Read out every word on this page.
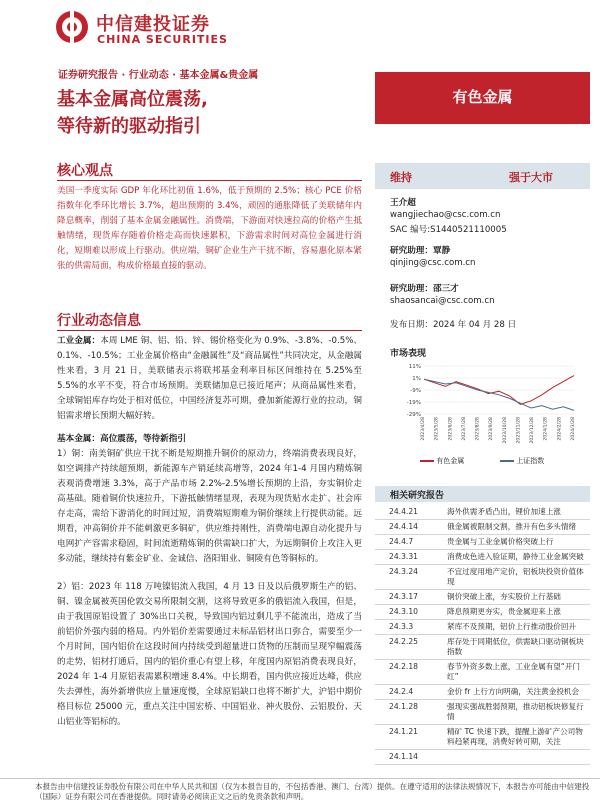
中信建投证券
CHINA SECURITIES
证券研究报告 · 行业动态 · 基本金属&贵金属
基本金属高位震荡,
等待新的驱动指引
有色金属
核心观点
美国一季度实际 GDP 年化环比初值 1.6%，低于预期的 2.5%；核心 PCE 价格指数年化季环比增长 3.7%，超出预期的 3.4%，顽固的通胀降低了美联储年内降息概率，削弱了基本金属金融属性。消费端，下游面对快速拉高的价格产生抵触情绪，现货库存随着价格走高而快速累积，下游需求时间对高位金属进行消化，短期难以形成上行驱动。供应端，铜矿企业生产干扰不断，容易惠化原本紧张的供需局面，构成价格最直接的驱动。
行业动态信息
工业金属：本周 LME 铜、铝、铅、锌、锡价格变化为 0.9%、-3.8%、-0.5%、0.1%、-10.5%；工业金属价格由“金融属性”及“商品属性”共同决定，从金融属性来看，3 月 21 日，美联储表示将联邦基金利率目标区间维持在 5.25%至 5.5%的水平不变，符合市场预期。美联储加息已接近尾声；从商品属性来看，全球铜铝库存均处于相对低位，中国经济复苏可期，叠加新能源行业的拉动，铜铝需求增长预期大幅好转。
基本金属：高位震荡，等待新指引
1）铜：南美铜矿供应干扰不断是短期推升铜价的原动力，终端消费表现良好，如空调排产持续超预期，新能源车产销延续高增等，2024 年1-4 月国内精炼铜表观消费增速 3.3%，高于产品市场 2.2%-2.5%增长预期的上沿，夯实铜价走高基础。随着铜价快速拉升，下游抵触情绪显现，表现为现货贴水走扩、社会库存走高，需给下游消化的时间过短，消费端短期难为铜价继续上行提供动能。远期看，冲高铜价并不能刺激更多铜矿，供应维持刚性，消费端电源自动化提升与电网扩产容需求稳固，时间流逝精炼铜的供需缺口扩大，为远期铜价上攻注入更多动能，继续持有紫金矿业、金诚信、洛阳钼业、铜陵有色等铜标的。
2）铝：2023 年 118 万吨镍铝流入我国，4 月 13 日及以后俄罗斯生产的铝、铜、镍金属被英国伦敦交易所限制交割，这将导致更多的俄铝流入我国，但是，由于我国原铝设置了 30%出口关税，导致国内铝过剩几乎不能流出，造成了当前铝价外强内弱的格局。内外铝价差需要通过未标品铝材出口弥合，需要至少一个月时间，国内铝价在这段时间内持续受到超量进口货物的压制而呈现窄幅震荡的走势，铝材打通后，国内的铝价重心有望上移，年度国内原铝消费表现良好，2024 年 1-4 月原铝表需累积增速 8.4%。中长期看，国内供应接近达峰，供应失去弹性，海外新增供应上量速度慢，全球原铝缺口也将不断扩大，沪铝中期价格目标位 25000 元，重点关注中国宏桥、中国铝业、神火股份、云铝股份、天山铝业等铝标的。
维持	强于大市
王介超
wangjiechao@csc.com.cn
SAC 编号:S1440521110005
研究助理：覃静
qinjing@csc.com.cn
研究助理：邵三才
shaosancai@csc.com.cn
发布日期：2024 年 04 月 28 日
市场表现
11%
1%
-9%
-19%
-29%
2023/4/28 2023/5/28 2023/6/28 2023/7/28 2023/8/28 2023/9/28 2023/10/28 2023/11/28 2023/12/28 2024/1/28 2024/2/28 2024/3/28
有色金属	上证指数
相关研究报告
24.4.21	海外供需矛盾凸出，锂价加速上涨
24.4.14	俄金属被限制交割，推升有色多头情绪
24.4.7	贵金属与工业金属价格突破上行
24.3.31	消费成色进入验证期，静待工业金属突破
24.3.24	不宜过度用地产定价，铝板块投资价值体现
24.3.17	铜价突破上涨，夯实股价上行基础
24.3.10	降息预期更夯实，贵金属迎来上涨
24.3.3	紧库不及预期，铝价上行推动股价回升
24.2.25	库存处于同期低位，供需缺口驱动铜板块指数
24.2.18	春节外资多数上涨，工业金属有望“开门红”
24.2.4	金价 fr 上行方向明确，关注黄金投机会
24.1.28	强现实强战胜弱预期，推动铝板块修复行情
24.1.21	精矿 TC 快速下跌，提醒上游矿产公司物料趋紧再现，消费好转可期，关注
24.1.14	
本报告由中信建投证券股份有限公司在中华人民共和国（仅为本报告目的，不包括香港、澳门、台湾）提供。在遵守适用的法律法规情况下，本报告亦可能由中信建投（国际）证券有限公司在香港提供。同时请务必阅读正文之后的免责条款和声明。
